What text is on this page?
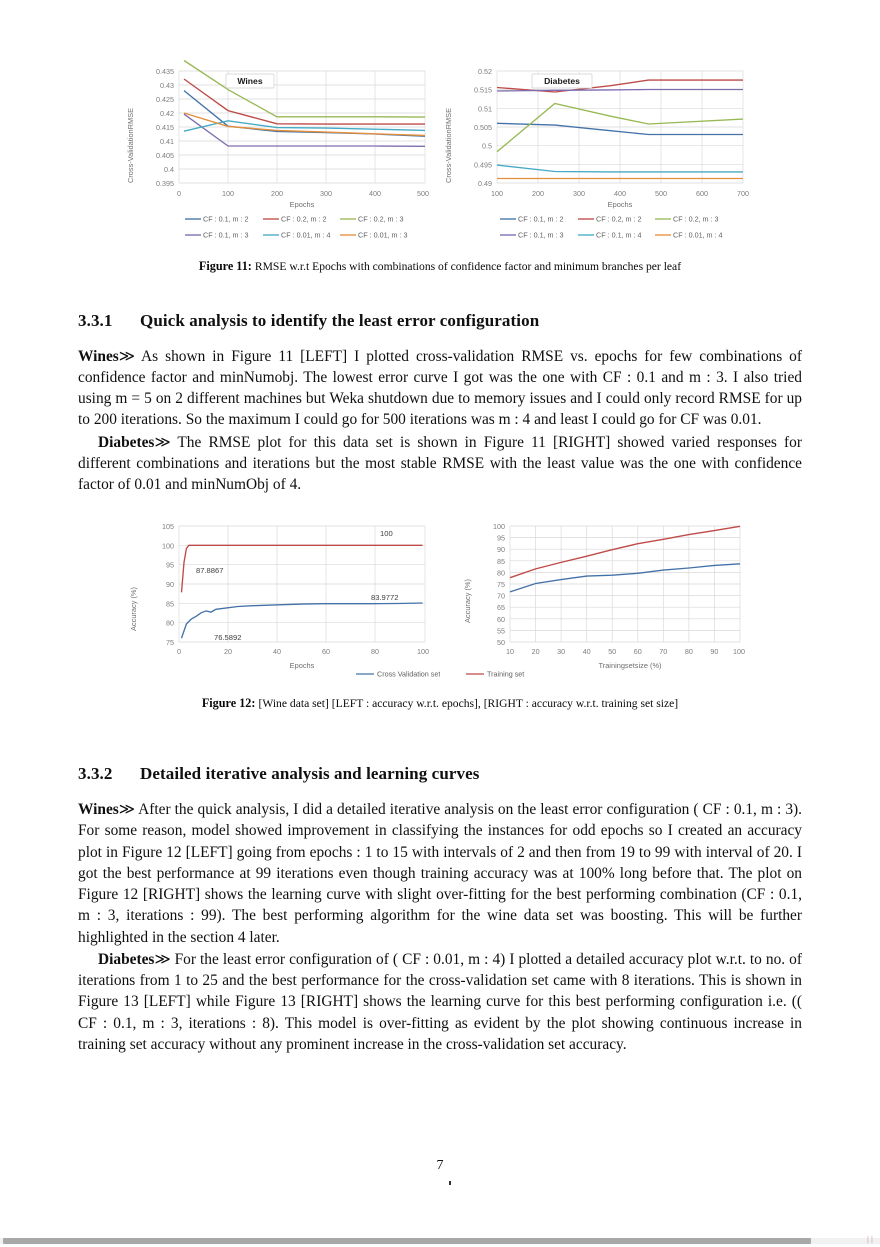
Cross-ValidationRMSE
0.435
0.43
0.425
0.42
0.415
0.41
0.405
0.4
0.395
Wines
0	100	200	300	400	500
Epochs
CF : 0.1, m : 2	CF : 0.2, m : 2	CF : 0.2, m : 3
CF : 0.1, m : 3	CF : 0.01, m : 4	CF : 0.01, m : 3
Cross-ValidationRMSE
0.52
0.515
0.51
0.505
0.5
0.495
0.49
Diabetes
100	200	300	400	500	600	700
Epochs
CF : 0.1, m : 2	CF : 0.2, m : 2	CF : 0.2, m : 3
CF : 0.1, m : 3	CF : 0.1, m : 4	CF : 0.01, m : 4
Figure 11: RMSE w.r.t Epochs with combinations of confidence factor and minimum branches per leaf
3.3.1 Quick analysis to identify the least error configuration

Wines≫ As shown in Figure 11 [LEFT] I plotted cross-validation RMSE vs. epochs for few combinations of confidence factor and minNumobj. The lowest error curve I got was the one with CF : 0.1 and m : 3. I also tried using m = 5 on 2 different machines but Weka shutdown due to memory issues and I could only record RMSE for up to 200 iterations. So the maximum I could go for 500 iterations was m : 4 and least I could go for CF was 0.01.

Diabetes≫ The RMSE plot for this data set is shown in Figure 11 [RIGHT] showed varied responses for different combinations and iterations but the most stable RMSE with the least value was the one with confidence factor of 0.01 and minNumObj of 4.

Accuracy (%)
105
100
95
90
85
80
75
87.8867
76.5892
83.9772
100
0	20	40	60	80	100
Epochs
Cross Validation set
Accuracy (%)
100
95
90
85
80
75
70
65
60
55
50
10 20 30 40 50 60 70 80 90 100
Trainingsetsize (%)
Training set
Figure 12: [Wine data set] [LEFT : accuracy w.r.t. epochs], [RIGHT : accuracy w.r.t. training set size]
3.3.2 Detailed iterative analysis and learning curves

Wines≫ After the quick analysis, I did a detailed iterative analysis on the least error configuration ( CF : 0.1, m : 3). For some reason, model showed improvement in classifying the instances for odd epochs so I created an accuracy plot in Figure 12 [LEFT] going from epochs : 1 to 15 with intervals of 2 and then from 19 to 99 with interval of 20. I got the best performance at 99 iterations even though training accuracy was at 100% long before that. The plot on Figure 12 [RIGHT] shows the learning curve with slight over-fitting for the best performing combination (CF : 0.1, m : 3, iterations : 99). The best performing algorithm for the wine data set was boosting. This will be further highlighted in the section 4 later.

Diabetes≫ For the least error configuration of ( CF : 0.01, m : 4) I plotted a detailed accuracy plot w.r.t. to no. of iterations from 1 to 25 and the best performance for the cross-validation set came with 8 iterations. This is shown in Figure 13 [LEFT] while Figure 13 [RIGHT] shows the learning curve for this best performing configuration i.e. (( CF : 0.1, m : 3, iterations : 8). This model is over-fitting as evident by the plot showing continuous increase in training set accuracy without any prominent increase in the cross-validation set accuracy.

7
⏐⏐
